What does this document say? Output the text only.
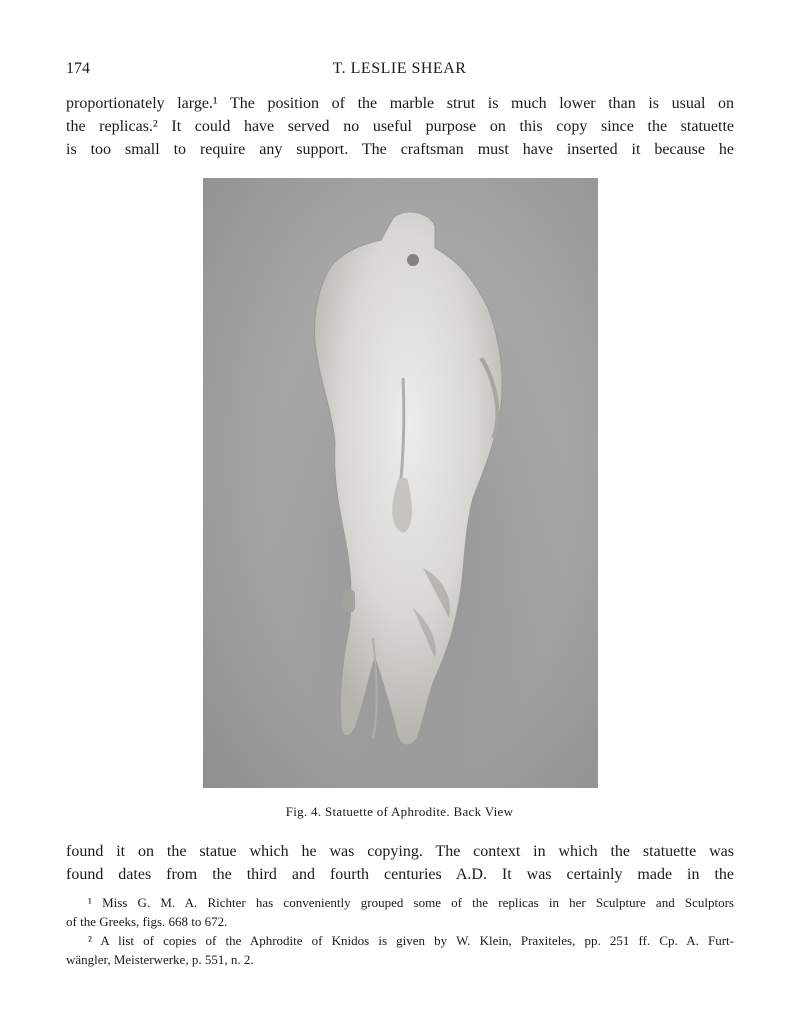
174	T. LESLIE SHEAR
proportionately large.¹ The position of the marble strut is much lower than is usual on
the replicas.² It could have served no useful purpose on this copy since the statuette
is too small to require any support. The craftsman must have inserted it because he
Fig. 4. Statuette of Aphrodite. Back View
found it on the statue which he was copying. The context in which the statuette was
found dates from the third and fourth centuries A.D. It was certainly made in the
¹ Miss G. M. A. Richter has conveniently grouped some of the replicas in her Sculpture and Sculptors
of the Greeks, figs. 668 to 672.
² A list of copies of the Aphrodite of Knidos is given by W. Klein, Praxiteles, pp. 251 ff. Cp. A. Furt-
wängler, Meisterwerke, p. 551, n. 2.
